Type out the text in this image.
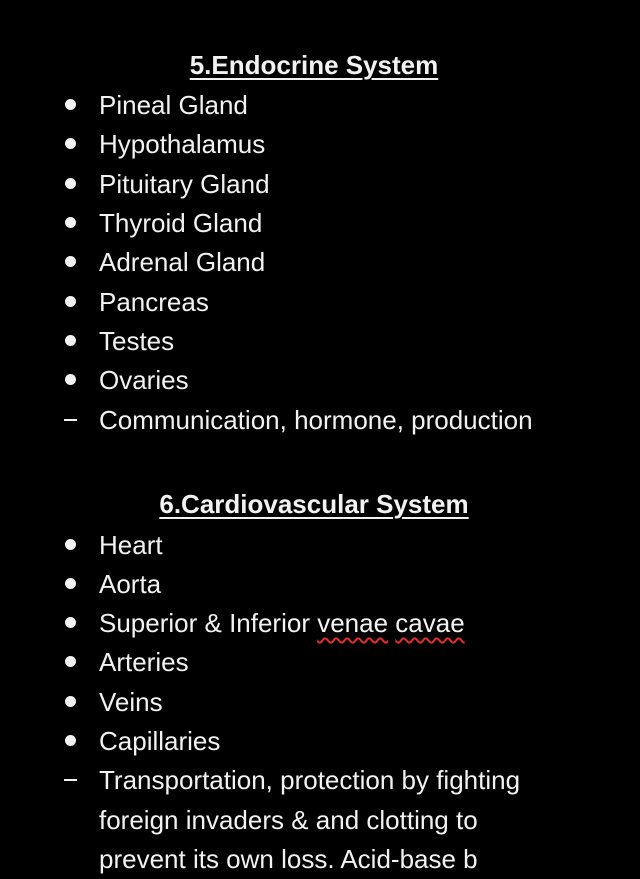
5.Endocrine System
Pineal Gland
Hypothalamus
Pituitary Gland
Thyroid Gland
Adrenal Gland
Pancreas
Testes
Ovaries
Communication, hormone, production
6.Cardiovascular System
Heart
Aorta
Superior & Inferior venae cavae
Arteries
Veins
Capillaries
Transportation, protection by fighting
foreign invaders & and clotting to
prevent its own loss. Acid-base b
